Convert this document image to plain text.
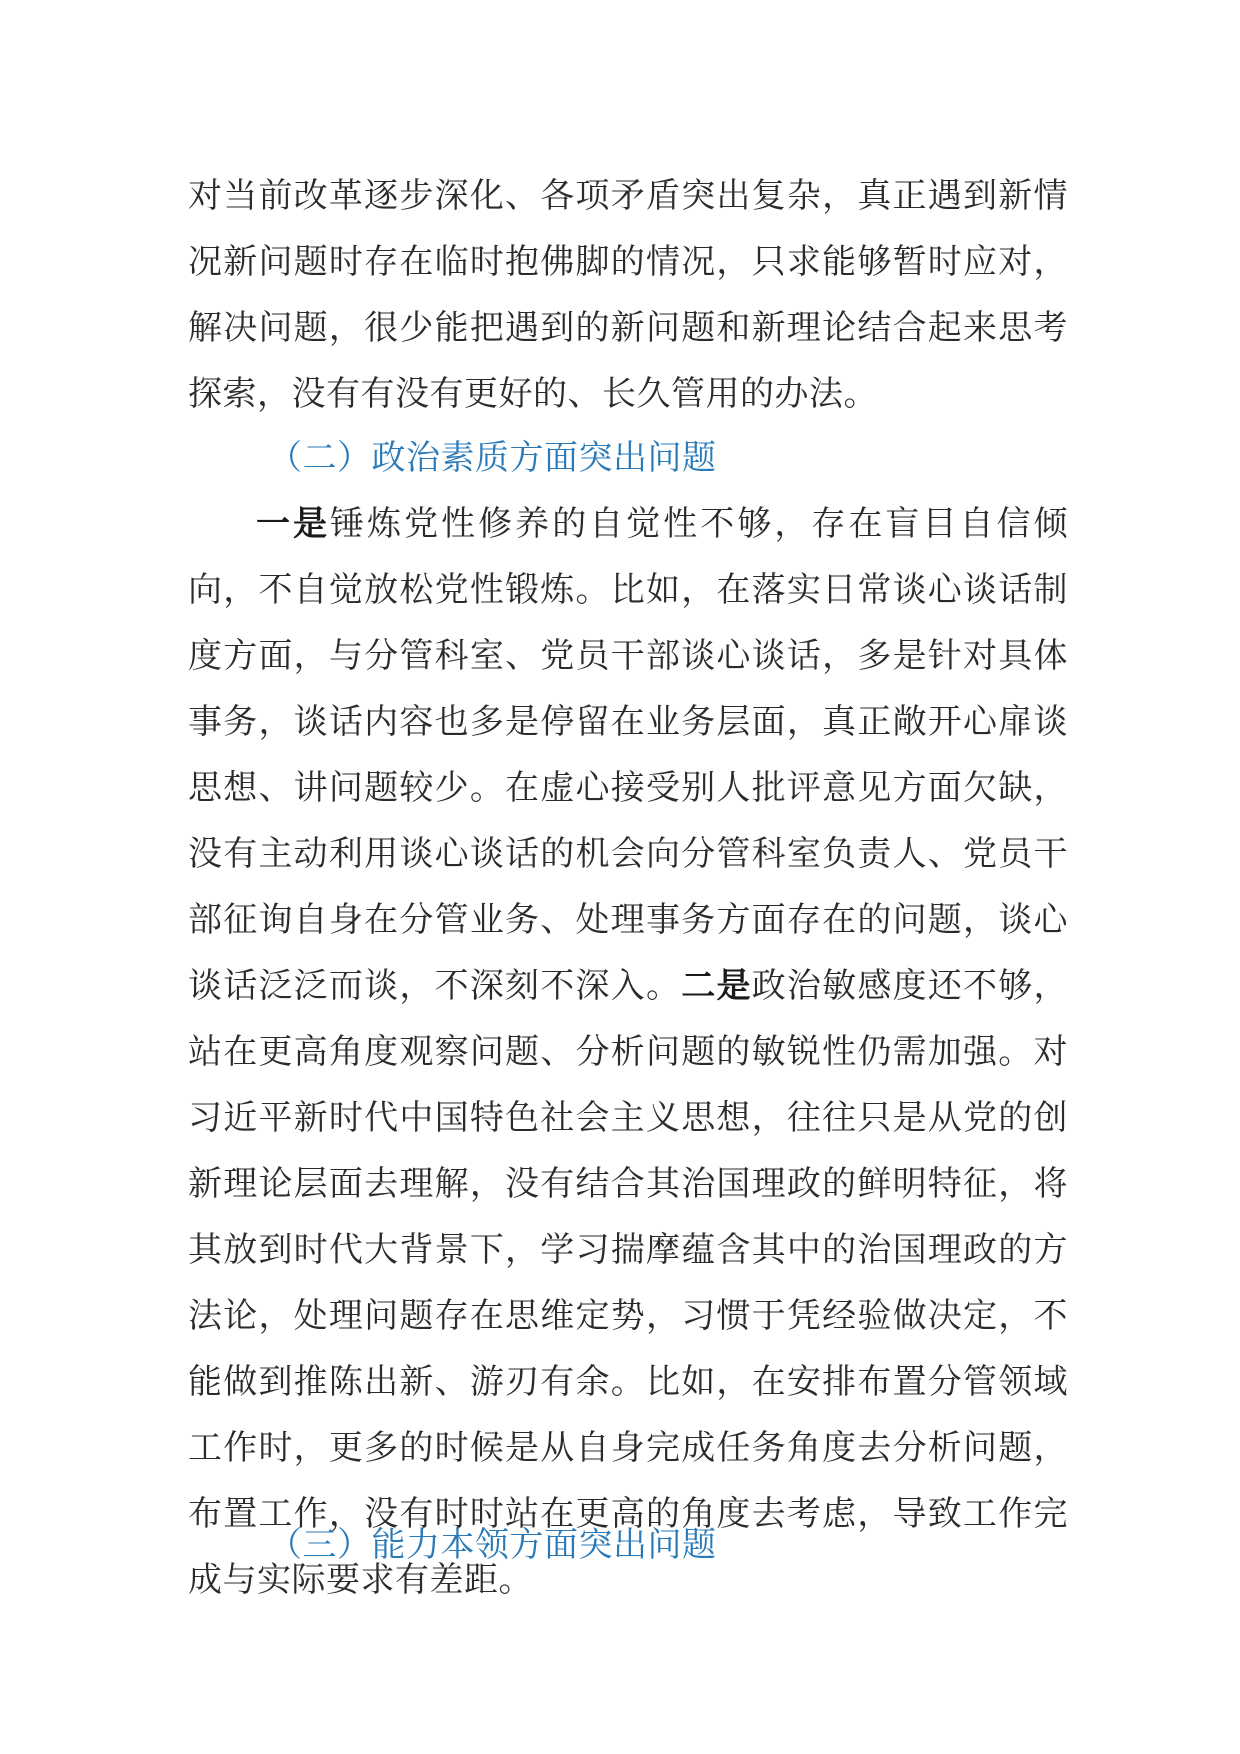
对当前改革逐步深化、各项矛盾突出复杂，真正遇到新情况新问题时存在临时抱佛脚的情况，只求能够暂时应对，解决问题，很少能把遇到的新问题和新理论结合起来思考探索，没有有没有更好的、长久管用的办法。

（二）政治素质方面突出问题

一是锤炼党性修养的自觉性不够，存在盲目自信倾向，不自觉放松党性锻炼。比如，在落实日常谈心谈话制度方面，与分管科室、党员干部谈心谈话，多是针对具体事务，谈话内容也多是停留在业务层面，真正敞开心扉谈思想、讲问题较少。在虚心接受别人批评意见方面欠缺，没有主动利用谈心谈话的机会向分管科室负责人、党员干部征询自身在分管业务、处理事务方面存在的问题，谈心谈话泛泛而谈，不深刻不深入。二是政治敏感度还不够，站在更高角度观察问题、分析问题的敏锐性仍需加强。对习近平新时代中国特色社会主义思想，往往只是从党的创新理论层面去理解，没有结合其治国理政的鲜明特征，将其放到时代大背景下，学习揣摩蕴含其中的治国理政的方法论，处理问题存在思维定势，习惯于凭经验做决定，不能做到推陈出新、游刃有余。比如，在安排布置分管领域工作时，更多的时候是从自身完成任务角度去分析问题，布置工作，没有时时站在更高的角度去考虑，导致工作完成与实际要求有差距。

（三）能力本领方面突出问题
